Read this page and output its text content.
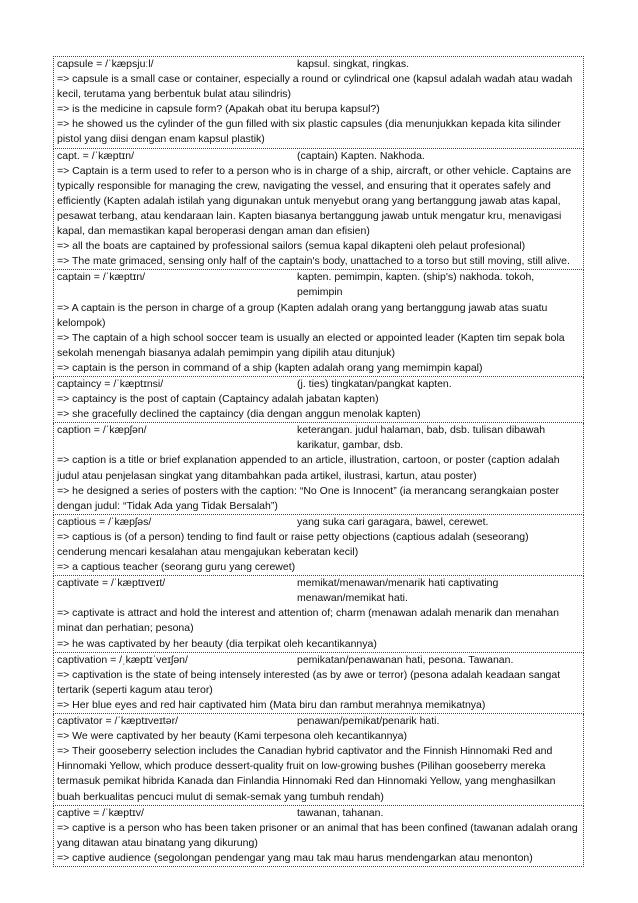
capsule = /ˈkæpsjuːl/	kapsul. singkat, ringkas.
=> capsule is a small case or container, especially a round or cylindrical one (kapsul adalah wadah atau wadah kecil, terutama yang berbentuk bulat atau silindris)
=> is the medicine in capsule form? (Apakah obat itu berupa kapsul?)
=> he showed us the cylinder of the gun filled with six plastic capsules (dia menunjukkan kepada kita silinder pistol yang diisi dengan enam kapsul plastik)
capt. = /ˈkæptɪn/	(captain) Kapten. Nakhoda.
=> Captain is a term used to refer to a person who is in charge of a ship, aircraft, or other vehicle. Captains are typically responsible for managing the crew, navigating the vessel, and ensuring that it operates safely and efficiently (Kapten adalah istilah yang digunakan untuk menyebut orang yang bertanggung jawab atas kapal, pesawat terbang, atau kendaraan lain. Kapten biasanya bertanggung jawab untuk mengatur kru, menavigasi kapal, dan memastikan kapal beroperasi dengan aman dan efisien)
=> all the boats are captained by professional sailors (semua kapal dikapteni oleh pelaut profesional)
=> The mate grimaced, sensing only half of the captain's body, unattached to a torso but still moving, still alive.
captain = /ˈkæptɪn/	kapten. pemimpin, kapten. (ship's) nakhoda. tokoh, pemimpin
=> A captain is the person in charge of a group (Kapten adalah orang yang bertanggung jawab atas suatu kelompok)
=> The captain of a high school soccer team is usually an elected or appointed leader (Kapten tim sepak bola sekolah menengah biasanya adalah pemimpin yang dipilih atau ditunjuk)
=> captain is the person in command of a ship (kapten adalah orang yang memimpin kapal)
captaincy = /ˈkæptɪnsi/	(j. ties) tingkatan/pangkat kapten.
=> captaincy is the post of captain (Captaincy adalah jabatan kapten)
=> she gracefully declined the captaincy (dia dengan anggun menolak kapten)
caption = /ˈkæpʃən/	keterangan. judul halaman, bab, dsb. tulisan dibawah karikatur, gambar, dsb.
=> caption is a title or brief explanation appended to an article, illustration, cartoon, or poster (caption adalah judul atau penjelasan singkat yang ditambahkan pada artikel, ilustrasi, kartun, atau poster)
=> he designed a series of posters with the caption: “No One is Innocent” (ia merancang serangkaian poster dengan judul: “Tidak Ada yang Tidak Bersalah”)
captious = /ˈkæpʃəs/	yang suka cari garagara, bawel, cerewet.
=> captious is (of a person) tending to find fault or raise petty objections (captious adalah (seseorang) cenderung mencari kesalahan atau mengajukan keberatan kecil)
=> a captious teacher (seorang guru yang cerewet)
captivate = /ˈkæptɪveɪt/	memikat/menawan/menarik hati captivating menawan/memikat hati.
=> captivate is attract and hold the interest and attention of; charm (menawan adalah menarik dan menahan minat dan perhatian; pesona)
=> he was captivated by her beauty (dia terpikat oleh kecantikannya)
captivation = /ˌkæptɪˈveɪʃən/	pemikatan/penawanan hati, pesona. Tawanan.
=> captivation is the state of being intensely interested (as by awe or terror) (pesona adalah keadaan sangat tertarik (seperti kagum atau teror)
=> Her blue eyes and red hair captivated him (Mata biru dan rambut merahnya memikatnya)
captivator = /ˈkæptɪveɪtər/	penawan/pemikat/penarik hati.
=> We were captivated by her beauty (Kami terpesona oleh kecantikannya)
=> Their gooseberry selection includes the Canadian hybrid captivator and the Finnish Hinnomaki Red and Hinnomaki Yellow, which produce dessert-quality fruit on low-growing bushes (Pilihan gooseberry mereka termasuk pemikat hibrida Kanada dan Finlandia Hinnomaki Red dan Hinnomaki Yellow, yang menghasilkan buah berkualitas pencuci mulut di semak-semak yang tumbuh rendah)
captive = /ˈkæptɪv/	tawanan, tahanan.
=> captive is a person who has been taken prisoner or an animal that has been confined (tawanan adalah orang yang ditawan atau binatang yang dikurung)
=> captive audience (segolongan pendengar yang mau tak mau harus mendengarkan atau menonton)
